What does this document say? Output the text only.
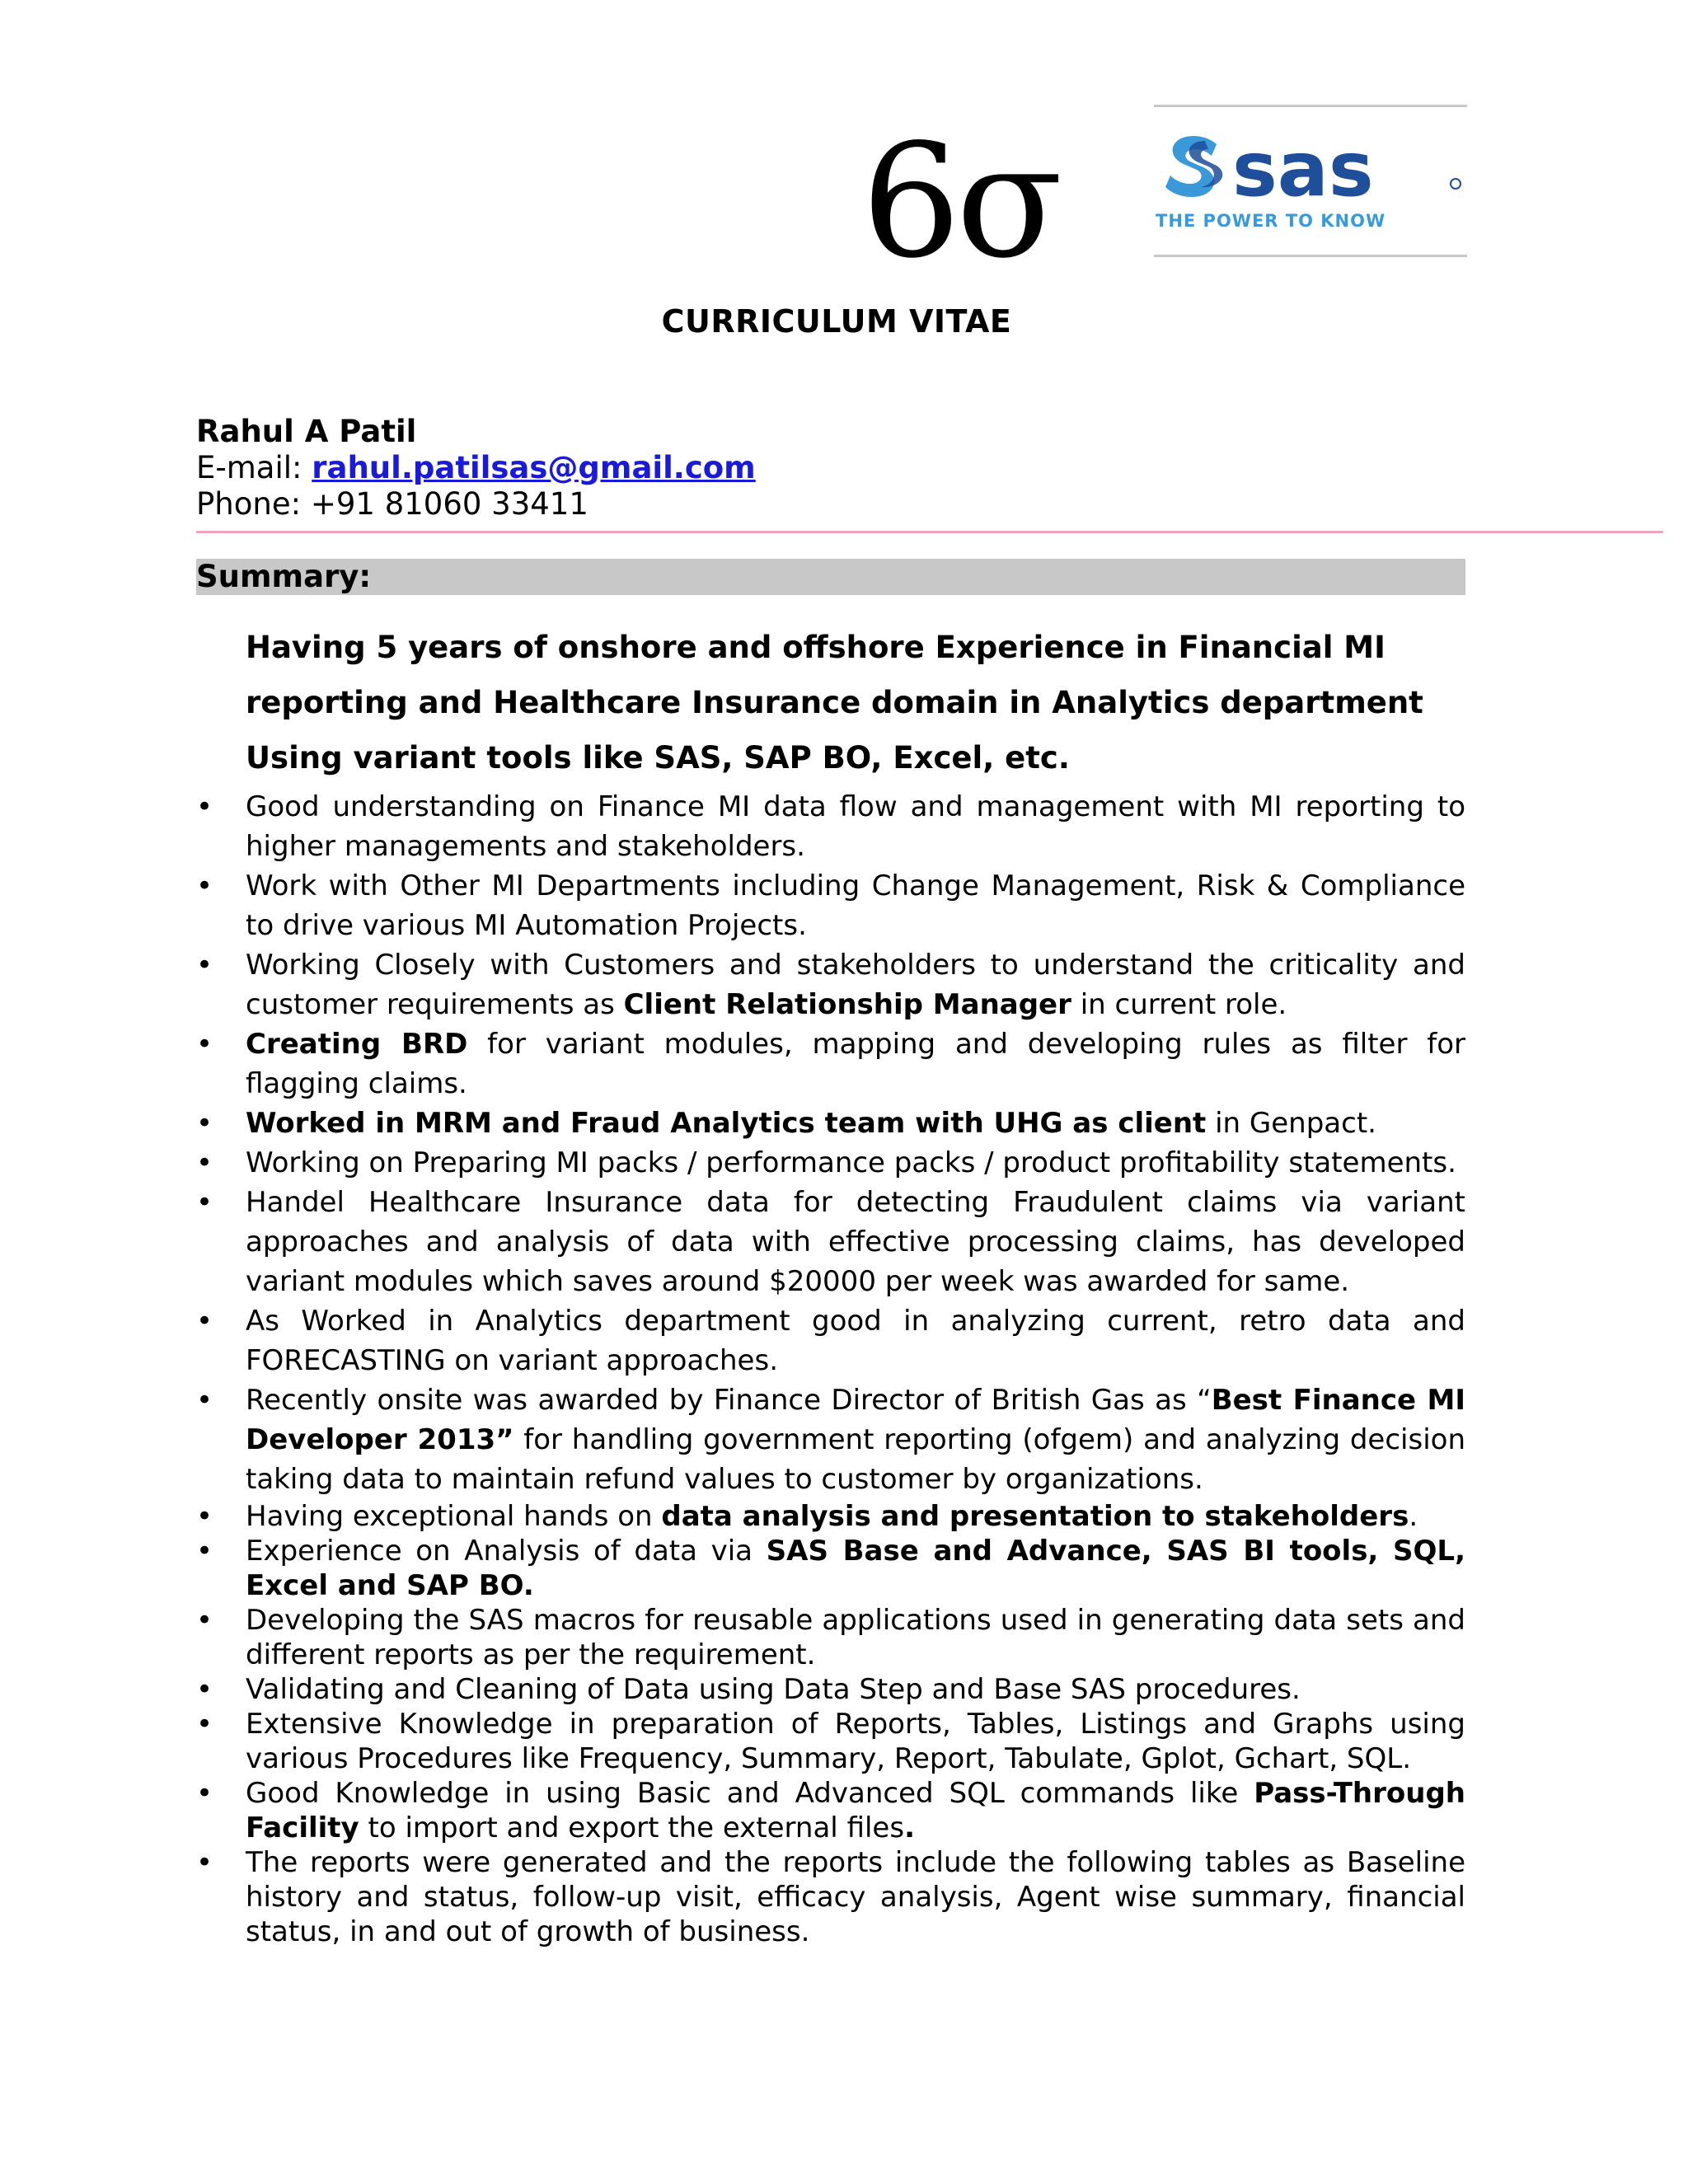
6σ sas
THE POWER TO KNOW
CURRICULUM VITAE
Rahul A Patil
E-mail: rahul.patilsas@gmail.com
Phone: +91 81060 33411
Summary:
Having 5 years of onshore and offshore Experience in Financial MI reporting and Healthcare Insurance domain in Analytics department Using variant tools like SAS, SAP BO, Excel, etc.
• Good understanding on Finance MI data flow and management with MI reporting to higher managements and stakeholders.
• Work with Other MI Departments including Change Management, Risk & Compliance to drive various MI Automation Projects.
• Working Closely with Customers and stakeholders to understand the criticality and customer requirements as Client Relationship Manager in current role.
• Creating BRD for variant modules, mapping and developing rules as filter for flagging claims.
• Worked in MRM and Fraud Analytics team with UHG as client in Genpact.
• Working on Preparing MI packs / performance packs / product profitability statements.
• Handel Healthcare Insurance data for detecting Fraudulent claims via variant approaches and analysis of data with effective processing claims, has developed variant modules which saves around $20000 per week was awarded for same.
• As Worked in Analytics department good in analyzing current, retro data and FORECASTING on variant approaches.
• Recently onsite was awarded by Finance Director of British Gas as “Best Finance MI Developer 2013” for handling government reporting (ofgem) and analyzing decision taking data to maintain refund values to customer by organizations.
• Having exceptional hands on data analysis and presentation to stakeholders.
• Experience on Analysis of data via SAS Base and Advance, SAS BI tools, SQL, Excel and SAP BO.
• Developing the SAS macros for reusable applications used in generating data sets and different reports as per the requirement.
• Validating and Cleaning of Data using Data Step and Base SAS procedures.
• Extensive Knowledge in preparation of Reports, Tables, Listings and Graphs using various Procedures like Frequency, Summary, Report, Tabulate, Gplot, Gchart, SQL.
• Good Knowledge in using Basic and Advanced SQL commands like Pass-Through Facility to import and export the external files.
• The reports were generated and the reports include the following tables as Baseline history and status, follow-up visit, efficacy analysis, Agent wise summary, financial status, in and out of growth of business.
